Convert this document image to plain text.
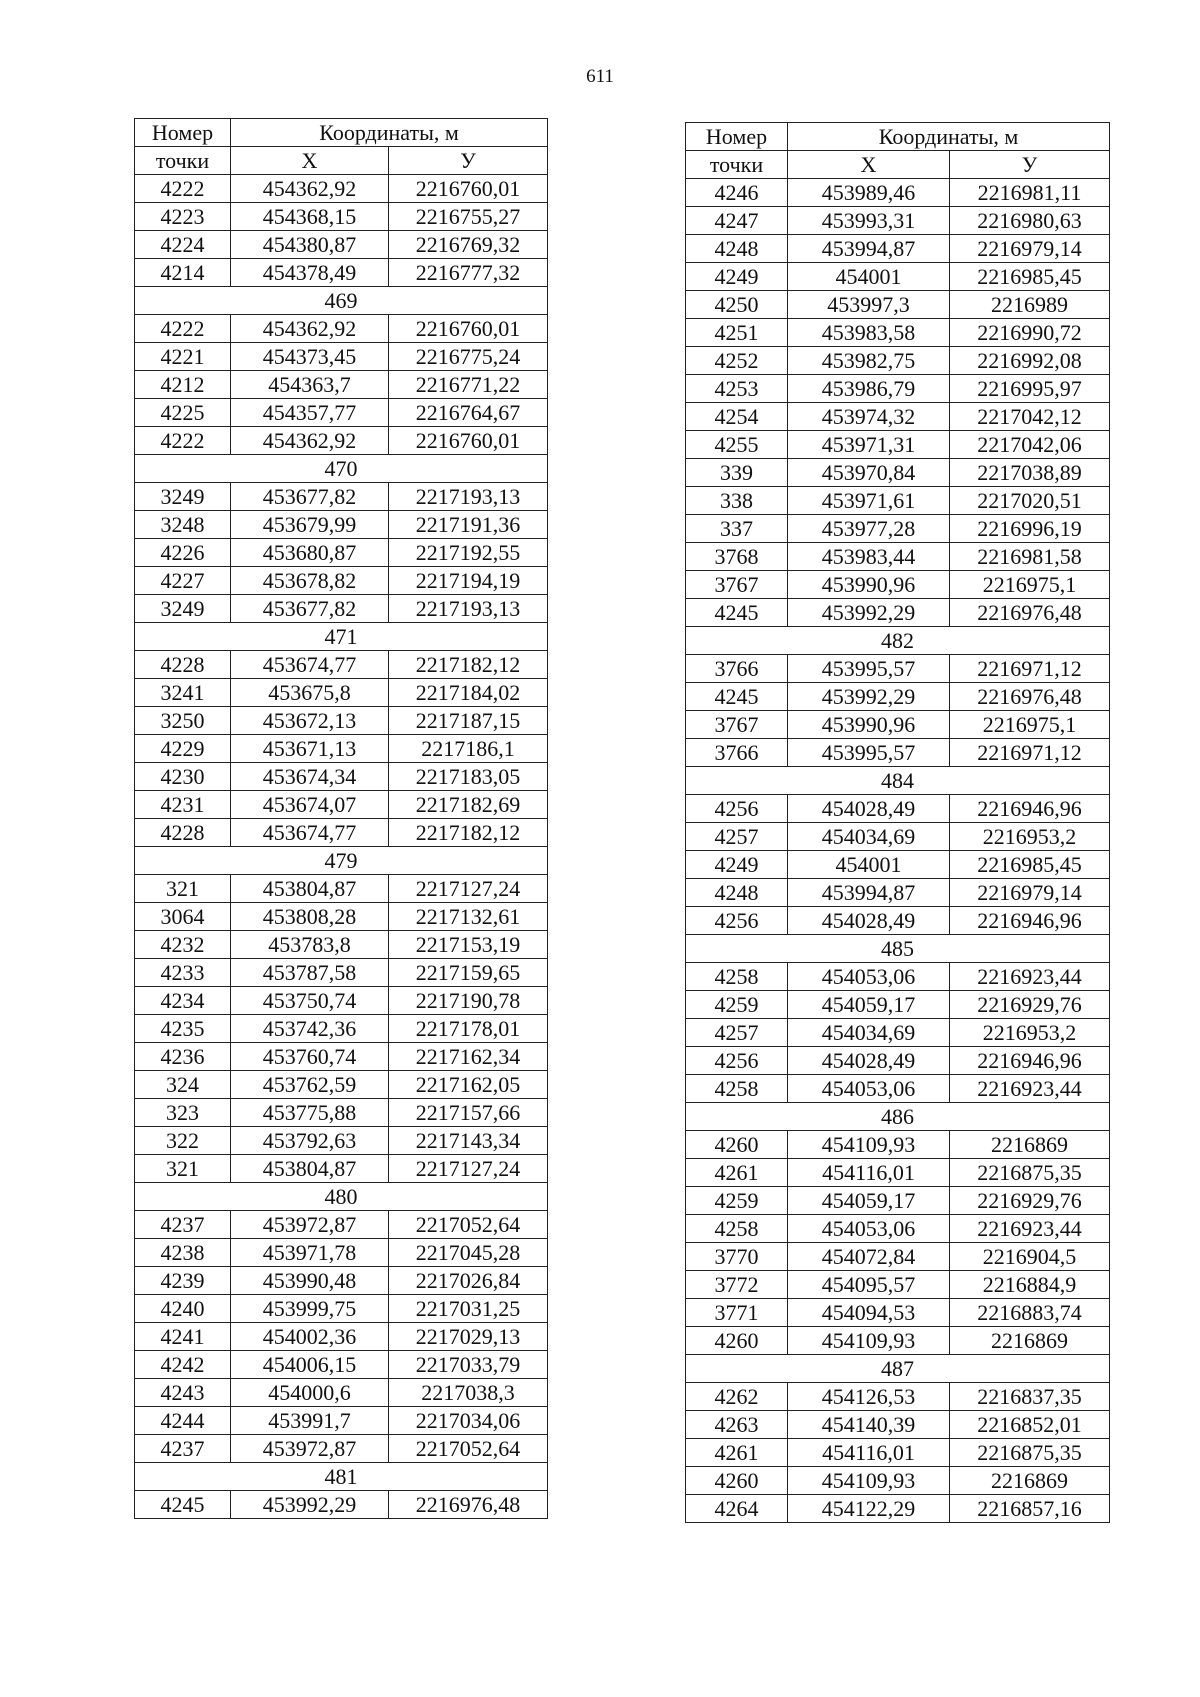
611
Номер	Координаты, м	
точки	X	У
4222	454362,92	2216760,01
4223	454368,15	2216755,27
4224	454380,87	2216769,32
4214	454378,49	2216777,32
469		
4222	454362,92	2216760,01
4221	454373,45	2216775,24
4212	454363,7	2216771,22
4225	454357,77	2216764,67
4222	454362,92	2216760,01
470		
3249	453677,82	2217193,13
3248	453679,99	2217191,36
4226	453680,87	2217192,55
4227	453678,82	2217194,19
3249	453677,82	2217193,13
471		
4228	453674,77	2217182,12
3241	453675,8	2217184,02
3250	453672,13	2217187,15
4229	453671,13	2217186,1
4230	453674,34	2217183,05
4231	453674,07	2217182,69
4228	453674,77	2217182,12
479		
321	453804,87	2217127,24
3064	453808,28	2217132,61
4232	453783,8	2217153,19
4233	453787,58	2217159,65
4234	453750,74	2217190,78
4235	453742,36	2217178,01
4236	453760,74	2217162,34
324	453762,59	2217162,05
323	453775,88	2217157,66
322	453792,63	2217143,34
321	453804,87	2217127,24
480		
4237	453972,87	2217052,64
4238	453971,78	2217045,28
4239	453990,48	2217026,84
4240	453999,75	2217031,25
4241	454002,36	2217029,13
4242	454006,15	2217033,79
4243	454000,6	2217038,3
4244	453991,7	2217034,06
4237	453972,87	2217052,64
481		
4245	453992,29	2216976,48
Номер	Координаты, м	
точки	X	У
4246	453989,46	2216981,11
4247	453993,31	2216980,63
4248	453994,87	2216979,14
4249	454001	2216985,45
4250	453997,3	2216989
4251	453983,58	2216990,72
4252	453982,75	2216992,08
4253	453986,79	2216995,97
4254	453974,32	2217042,12
4255	453971,31	2217042,06
339	453970,84	2217038,89
338	453971,61	2217020,51
337	453977,28	2216996,19
3768	453983,44	2216981,58
3767	453990,96	2216975,1
4245	453992,29	2216976,48
482		
3766	453995,57	2216971,12
4245	453992,29	2216976,48
3767	453990,96	2216975,1
3766	453995,57	2216971,12
484		
4256	454028,49	2216946,96
4257	454034,69	2216953,2
4249	454001	2216985,45
4248	453994,87	2216979,14
4256	454028,49	2216946,96
485		
4258	454053,06	2216923,44
4259	454059,17	2216929,76
4257	454034,69	2216953,2
4256	454028,49	2216946,96
4258	454053,06	2216923,44
486		
4260	454109,93	2216869
4261	454116,01	2216875,35
4259	454059,17	2216929,76
4258	454053,06	2216923,44
3770	454072,84	2216904,5
3772	454095,57	2216884,9
3771	454094,53	2216883,74
4260	454109,93	2216869
487		
4262	454126,53	2216837,35
4263	454140,39	2216852,01
4261	454116,01	2216875,35
4260	454109,93	2216869
4264	454122,29	2216857,16
